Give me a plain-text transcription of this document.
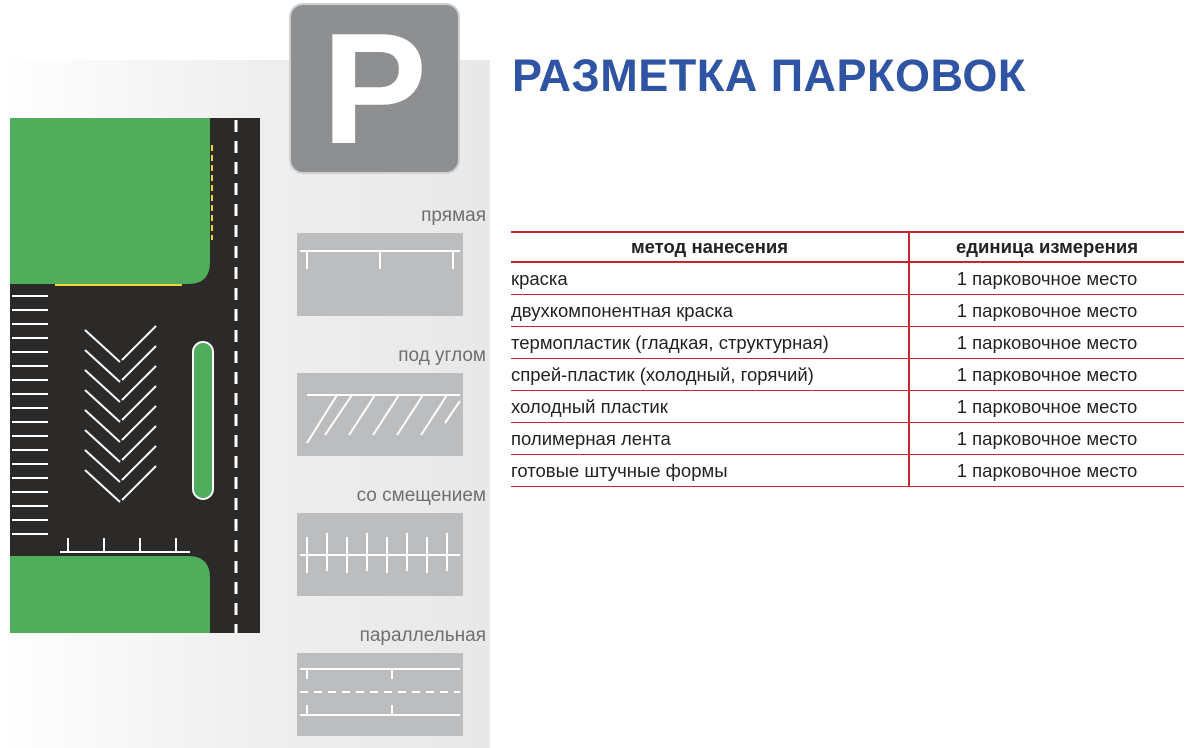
P	РАЗМЕТКА ПАРКОВОК
прямая
под углом
со смещением
параллельная
метод нанесения	единица измерения
краска	1 парковочное место
двухкомпонентная краска	1 парковочное место
термопластик (гладкая, структурная)	1 парковочное место
спрей-пластик (холодный, горячий)	1 парковочное место
холодный пластик	1 парковочное место
полимерная лента	1 парковочное место
готовые штучные формы	1 парковочное место
